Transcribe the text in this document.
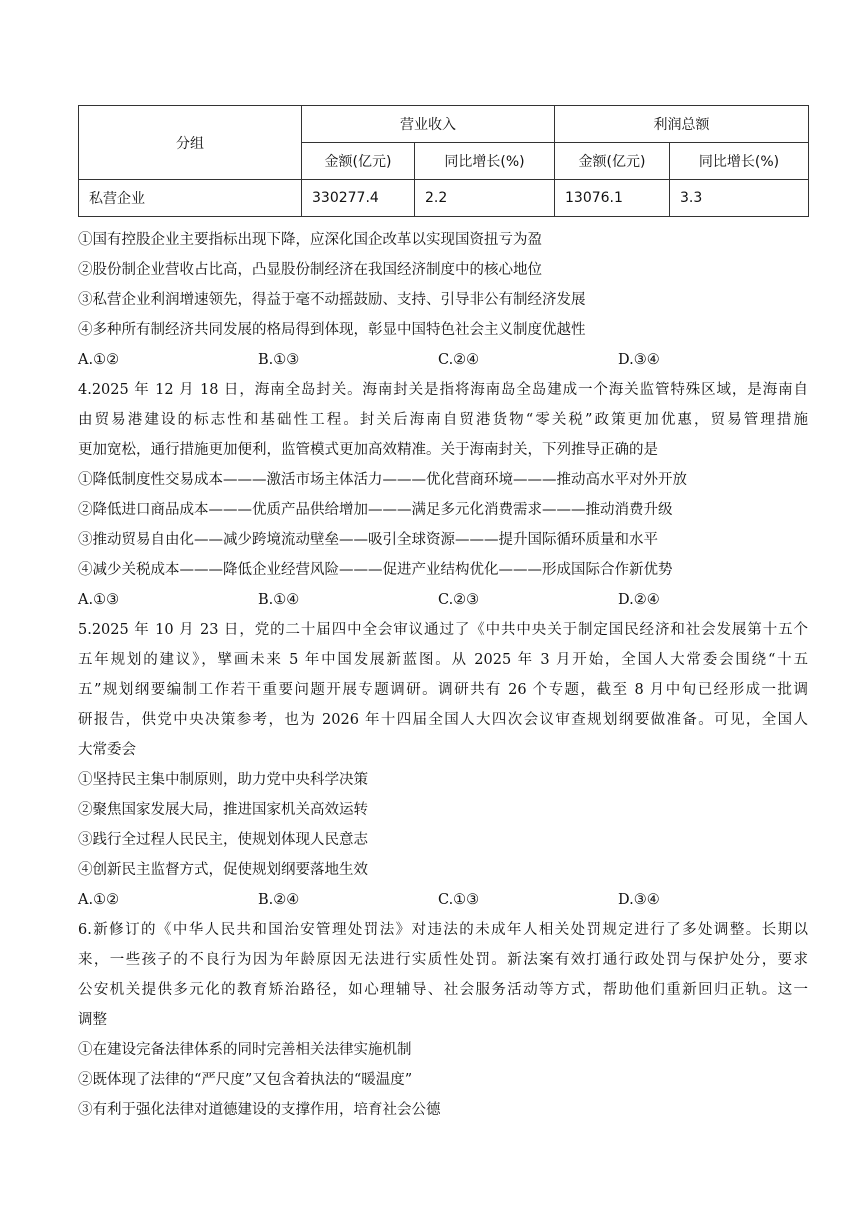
分组	营业收入		利润总额	
	金额(亿元)	同比增长(%)	金额(亿元)	同比增长(%)
私营企业	330277.4	2.2	13076.1	3.3
①国有控股企业主要指标出现下降，应深化国企改革以实现国资扭亏为盈
②股份制企业营收占比高，凸显股份制经济在我国经济制度中的核心地位
③私营企业利润增速领先，得益于毫不动摇鼓励、支持、引导非公有制经济发展
④多种所有制经济共同发展的格局得到体现，彰显中国特色社会主义制度优越性
A.①②	B.①③	C.②④	D.③④
4.2025 年 12 月 18 日，海南全岛封关。海南封关是指将海南岛全岛建成一个海关监管特殊区域，是海南自
由贸易港建设的标志性和基础性工程。封关后海南自贸港货物“零关税”政策更加优惠，贸易管理措施
更加宽松，通行措施更加便利，监管模式更加高效精准。关于海南封关，下列推导正确的是
①降低制度性交易成本———激活市场主体活力———优化营商环境———推动高水平对外开放
②降低进口商品成本———优质产品供给增加———满足多元化消费需求———推动消费升级
③推动贸易自由化——减少跨境流动壁垒——吸引全球资源———提升国际循环质量和水平
④减少关税成本———降低企业经营风险———促进产业结构优化———形成国际合作新优势
A.①③	B.①④	C.②③	D.②④
5.2025 年 10 月 23 日，党的二十届四中全会审议通过了《中共中央关于制定国民经济和社会发展第十五个
五年规划的建议》，擘画未来 5 年中国发展新蓝图。从 2025 年 3 月开始，全国人大常委会围绕“十五
五”规划纲要编制工作若干重要问题开展专题调研。调研共有 26 个专题，截至 8 月中旬已经形成一批调
研报告，供党中央决策参考，也为 2026 年十四届全国人大四次会议审查规划纲要做准备。可见，全国人
大常委会
①坚持民主集中制原则，助力党中央科学决策
②聚焦国家发展大局，推进国家机关高效运转
③践行全过程人民民主，使规划体现人民意志
④创新民主监督方式，促使规划纲要落地生效
A.①②	B.②④	C.①③	D.③④
6.新修订的《中华人民共和国治安管理处罚法》对违法的未成年人相关处罚规定进行了多处调整。长期以
来，一些孩子的不良行为因为年龄原因无法进行实质性处罚。新法案有效打通行政处罚与保护处分，要求
公安机关提供多元化的教育矫治路径，如心理辅导、社会服务活动等方式，帮助他们重新回归正轨。这一
调整
①在建设完备法律体系的同时完善相关法律实施机制
②既体现了法律的“严尺度”又包含着执法的“暖温度”
③有利于强化法律对道德建设的支撑作用，培育社会公德
